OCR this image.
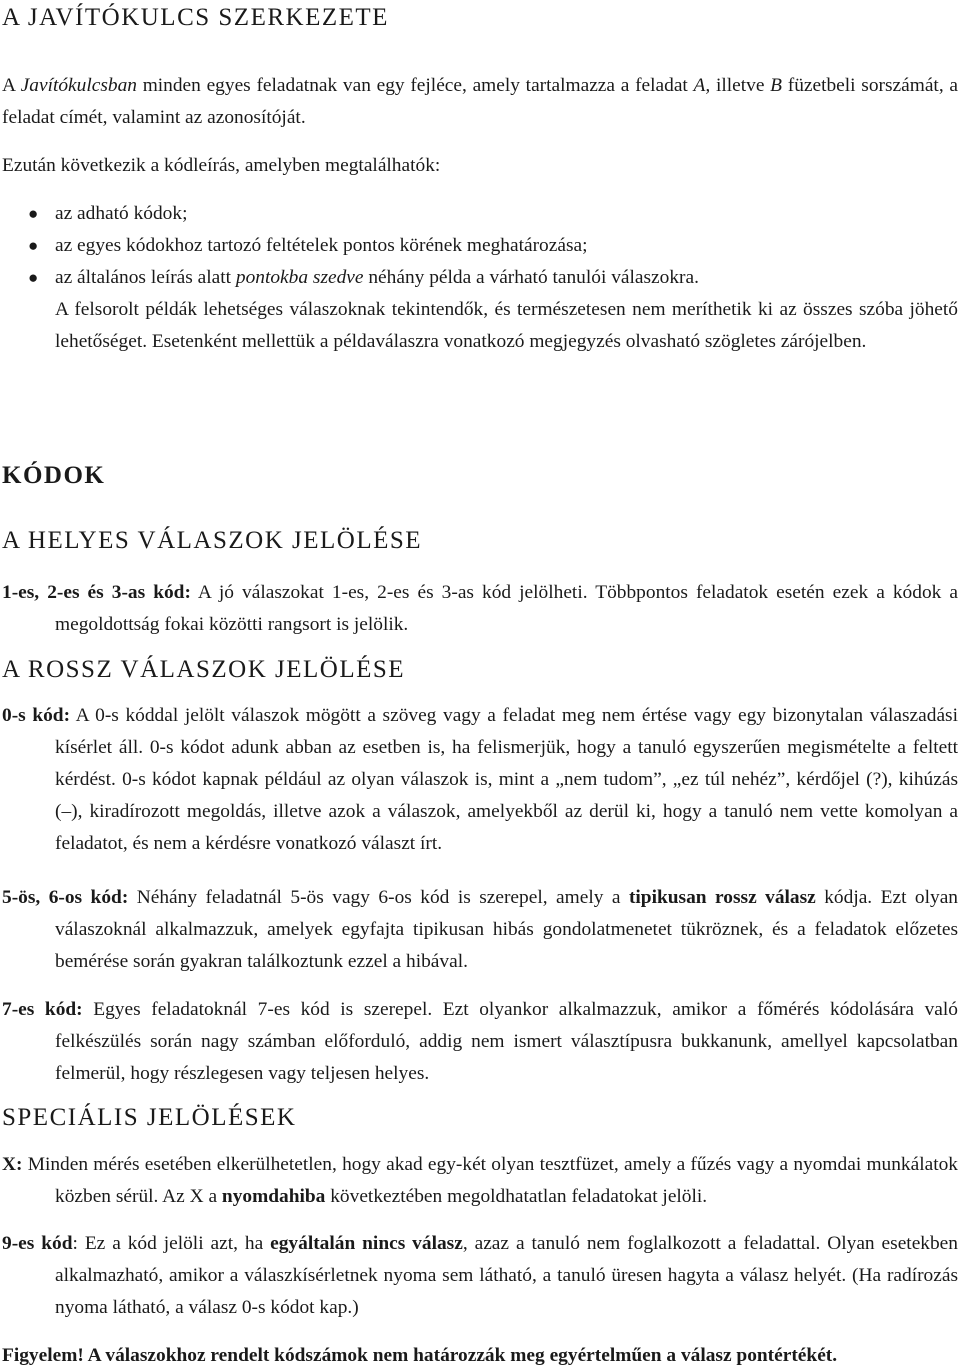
A JAVÍTÓKULCS SZERKEZETE

A Javítókulcsban minden egyes feladatnak van egy fejléce, amely tartalmazza a feladat A, illetve B füzetbeli sorszámát, a feladat címét, valamint az azonosítóját.

Ezután következik a kódleírás, amelyben megtalálhatók:

● az adható kódok;
● az egyes kódokhoz tartozó feltételek pontos körének meghatározása;
● az általános leírás alatt pontokba szedve néhány példa a várható tanulói válaszokra.

A felsorolt példák lehetséges válaszoknak tekintendők, és természetesen nem meríthetik ki az összes szóba jöhető lehetőséget. Esetenként mellettük a példaválaszra vonatkozó megjegyzés olvasható szögletes zárójelben.

KÓDOK
A HELYES VÁLASZOK JELÖLÉSE

1-es, 2-es és 3-as kód: A jó válaszokat 1-es, 2-es és 3-as kód jelölheti. Többpontos feladatok esetén ezek a kódok a megoldottság fokai közötti rangsort is jelölik.

A ROSSZ VÁLASZOK JELÖLÉSE

0-s kód: A 0-s kóddal jelölt válaszok mögött a szöveg vagy a feladat meg nem értése vagy egy bizonytalan válaszadási kísérlet áll. 0-s kódot adunk abban az esetben is, ha felismerjük, hogy a tanuló egyszerűen megismételte a feltett kérdést. 0-s kódot kapnak például az olyan válaszok is, mint a „nem tudom”, „ez túl nehéz”, kérdőjel (?), kihúzás (–), kiradírozott megoldás, illetve azok a válaszok, amelyekből az derül ki, hogy a tanuló nem vette komolyan a feladatot, és nem a kérdésre vonatkozó választ írt.

5-ös, 6-os kód: Néhány feladatnál 5-ös vagy 6-os kód is szerepel, amely a tipikusan rossz válasz kódja. Ezt olyan válaszoknál alkalmazzuk, amelyek egyfajta tipikusan hibás gondolatmenetet tükröznek, és a feladatok előzetes bemérése során gyakran találkoztunk ezzel a hibával.

7-es kód: Egyes feladatoknál 7-es kód is szerepel. Ezt olyankor alkalmazzuk, amikor a főmérés kódolására való felkészülés során nagy számban előforduló, addig nem ismert választípusra bukkanunk, amellyel kapcsolatban felmerül, hogy részlegesen vagy teljesen helyes.

SPECIÁLIS JELÖLÉSEK

X: Minden mérés esetében elkerülhetetlen, hogy akad egy-két olyan tesztfüzet, amely a fűzés vagy a nyomdai munkálatok közben sérül. Az X a nyomdahiba következtében megoldhatatlan feladatokat jelöli.

9-es kód: Ez a kód jelöli azt, ha egyáltalán nincs válasz, azaz a tanuló nem foglalkozott a feladattal. Olyan esetekben alkalmazható, amikor a válaszkísérletnek nyoma sem látható, a tanuló üresen hagyta a válasz helyét. (Ha radírozás nyoma látható, a válasz 0-s kódot kap.)

Figyelem! A válaszokhoz rendelt kódszámok nem határozzák meg egyértelműen a válasz pontértékét.
